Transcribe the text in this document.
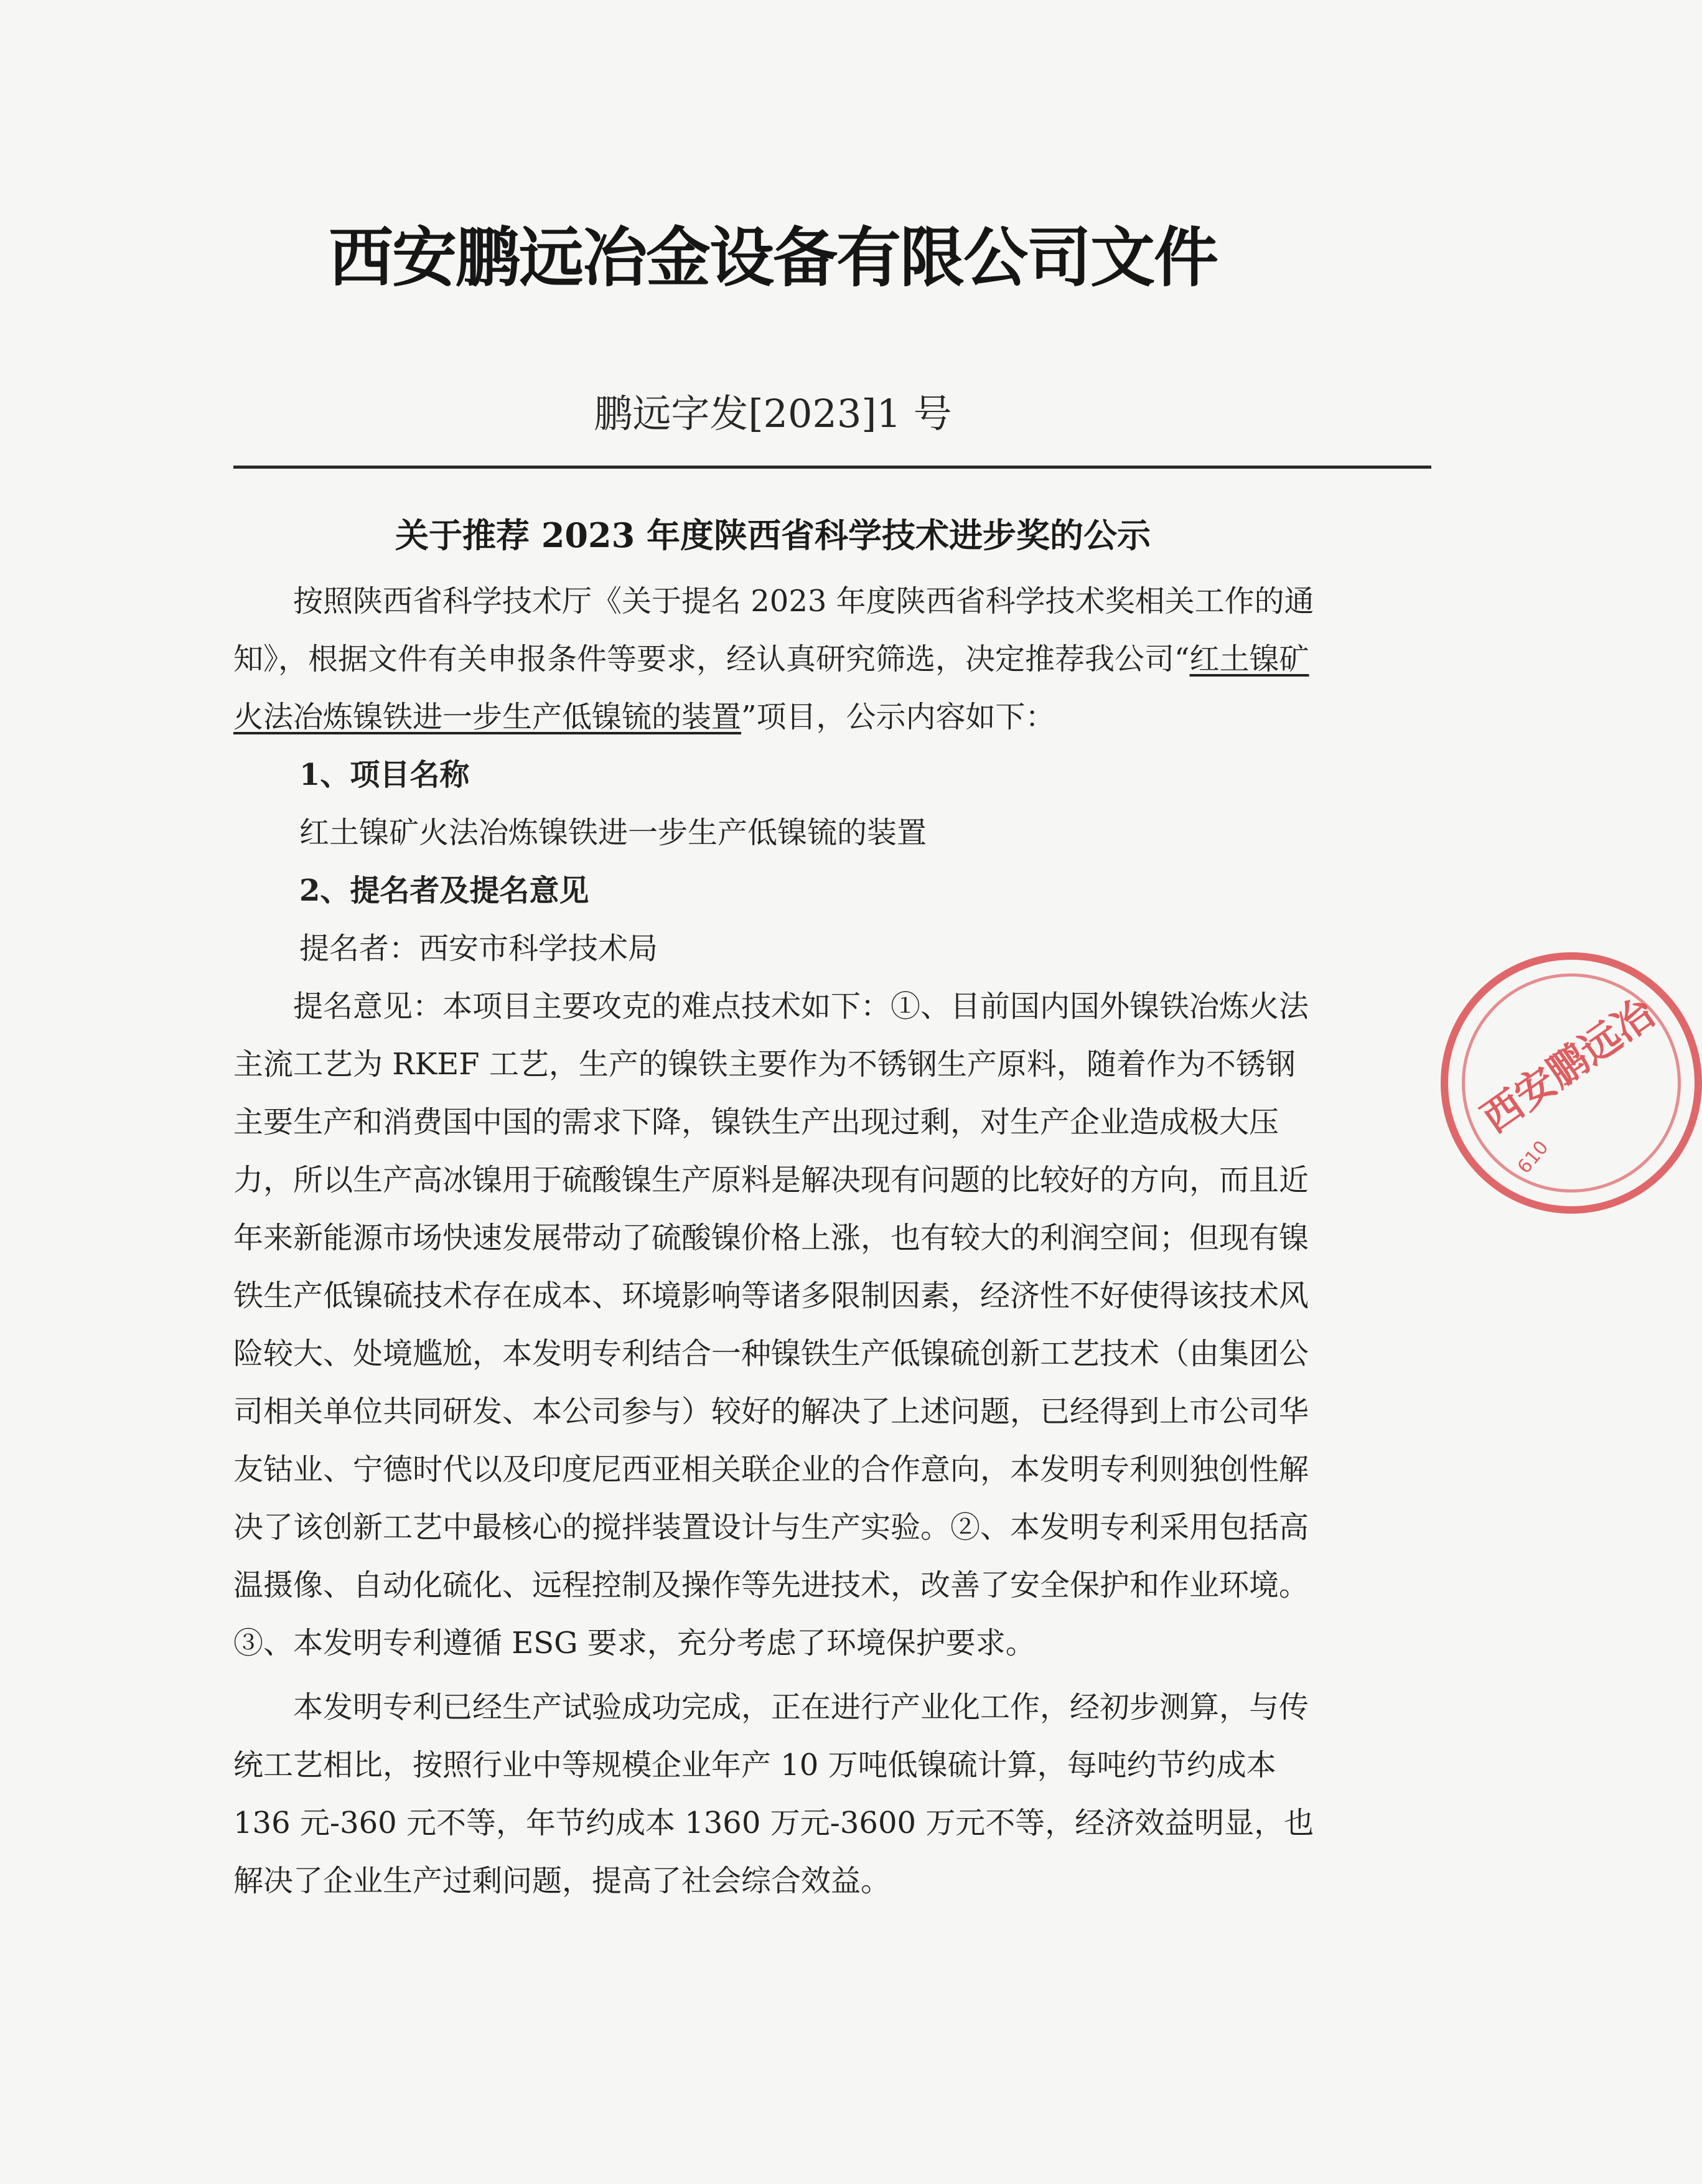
西安鹏远冶金设备有限公司文件
鹏远字发[2023]1 号
关于推荐 2023 年度陕西省科学技术进步奖的公示

按照陕西省科学技术厅《关于提名 2023 年度陕西省科学技术奖相关工作的通知》，根据文件有关申报条件等要求，经认真研究筛选，决定推荐我公司“红土镍矿火法冶炼镍铁进一步生产低镍锍的装置”项目，公示内容如下：

1、项目名称

红土镍矿火法冶炼镍铁进一步生产低镍锍的装置

2、提名者及提名意见

提名者：西安市科学技术局

提名意见：本项目主要攻克的难点技术如下：①、目前国内国外镍铁冶炼火法主流工艺为 RKEF 工艺，生产的镍铁主要作为不锈钢生产原料，随着作为不锈钢主要生产和消费国中国的需求下降，镍铁生产出现过剩，对生产企业造成极大压力，所以生产高冰镍用于硫酸镍生产原料是解决现有问题的比较好的方向，而且近年来新能源市场快速发展带动了硫酸镍价格上涨，也有较大的利润空间；但现有镍铁生产低镍硫技术存在成本、环境影响等诸多限制因素，经济性不好使得该技术风险较大、处境尴尬，本发明专利结合一种镍铁生产低镍硫创新工艺技术（由集团公司相关单位共同研发、本公司参与）较好的解决了上述问题，已经得到上市公司华友钴业、宁德时代以及印度尼西亚相关联企业的合作意向，本发明专利则独创性解决了该创新工艺中最核心的搅拌装置设计与生产实验。②、本发明专利采用包括高温摄像、自动化硫化、远程控制及操作等先进技术，改善了安全保护和作业环境。③、本发明专利遵循 ESG 要求，充分考虑了环境保护要求。

本发明专利已经生产试验成功完成，正在进行产业化工作，经初步测算，与传统工艺相比，按照行业中等规模企业年产 10 万吨低镍硫计算，每吨约节约成本 136 元-360 元不等，年节约成本 1360 万元-3600 万元不等，经济效益明显，也解决了企业生产过剩问题，提高了社会综合效益。

西安鹏远冶
610
